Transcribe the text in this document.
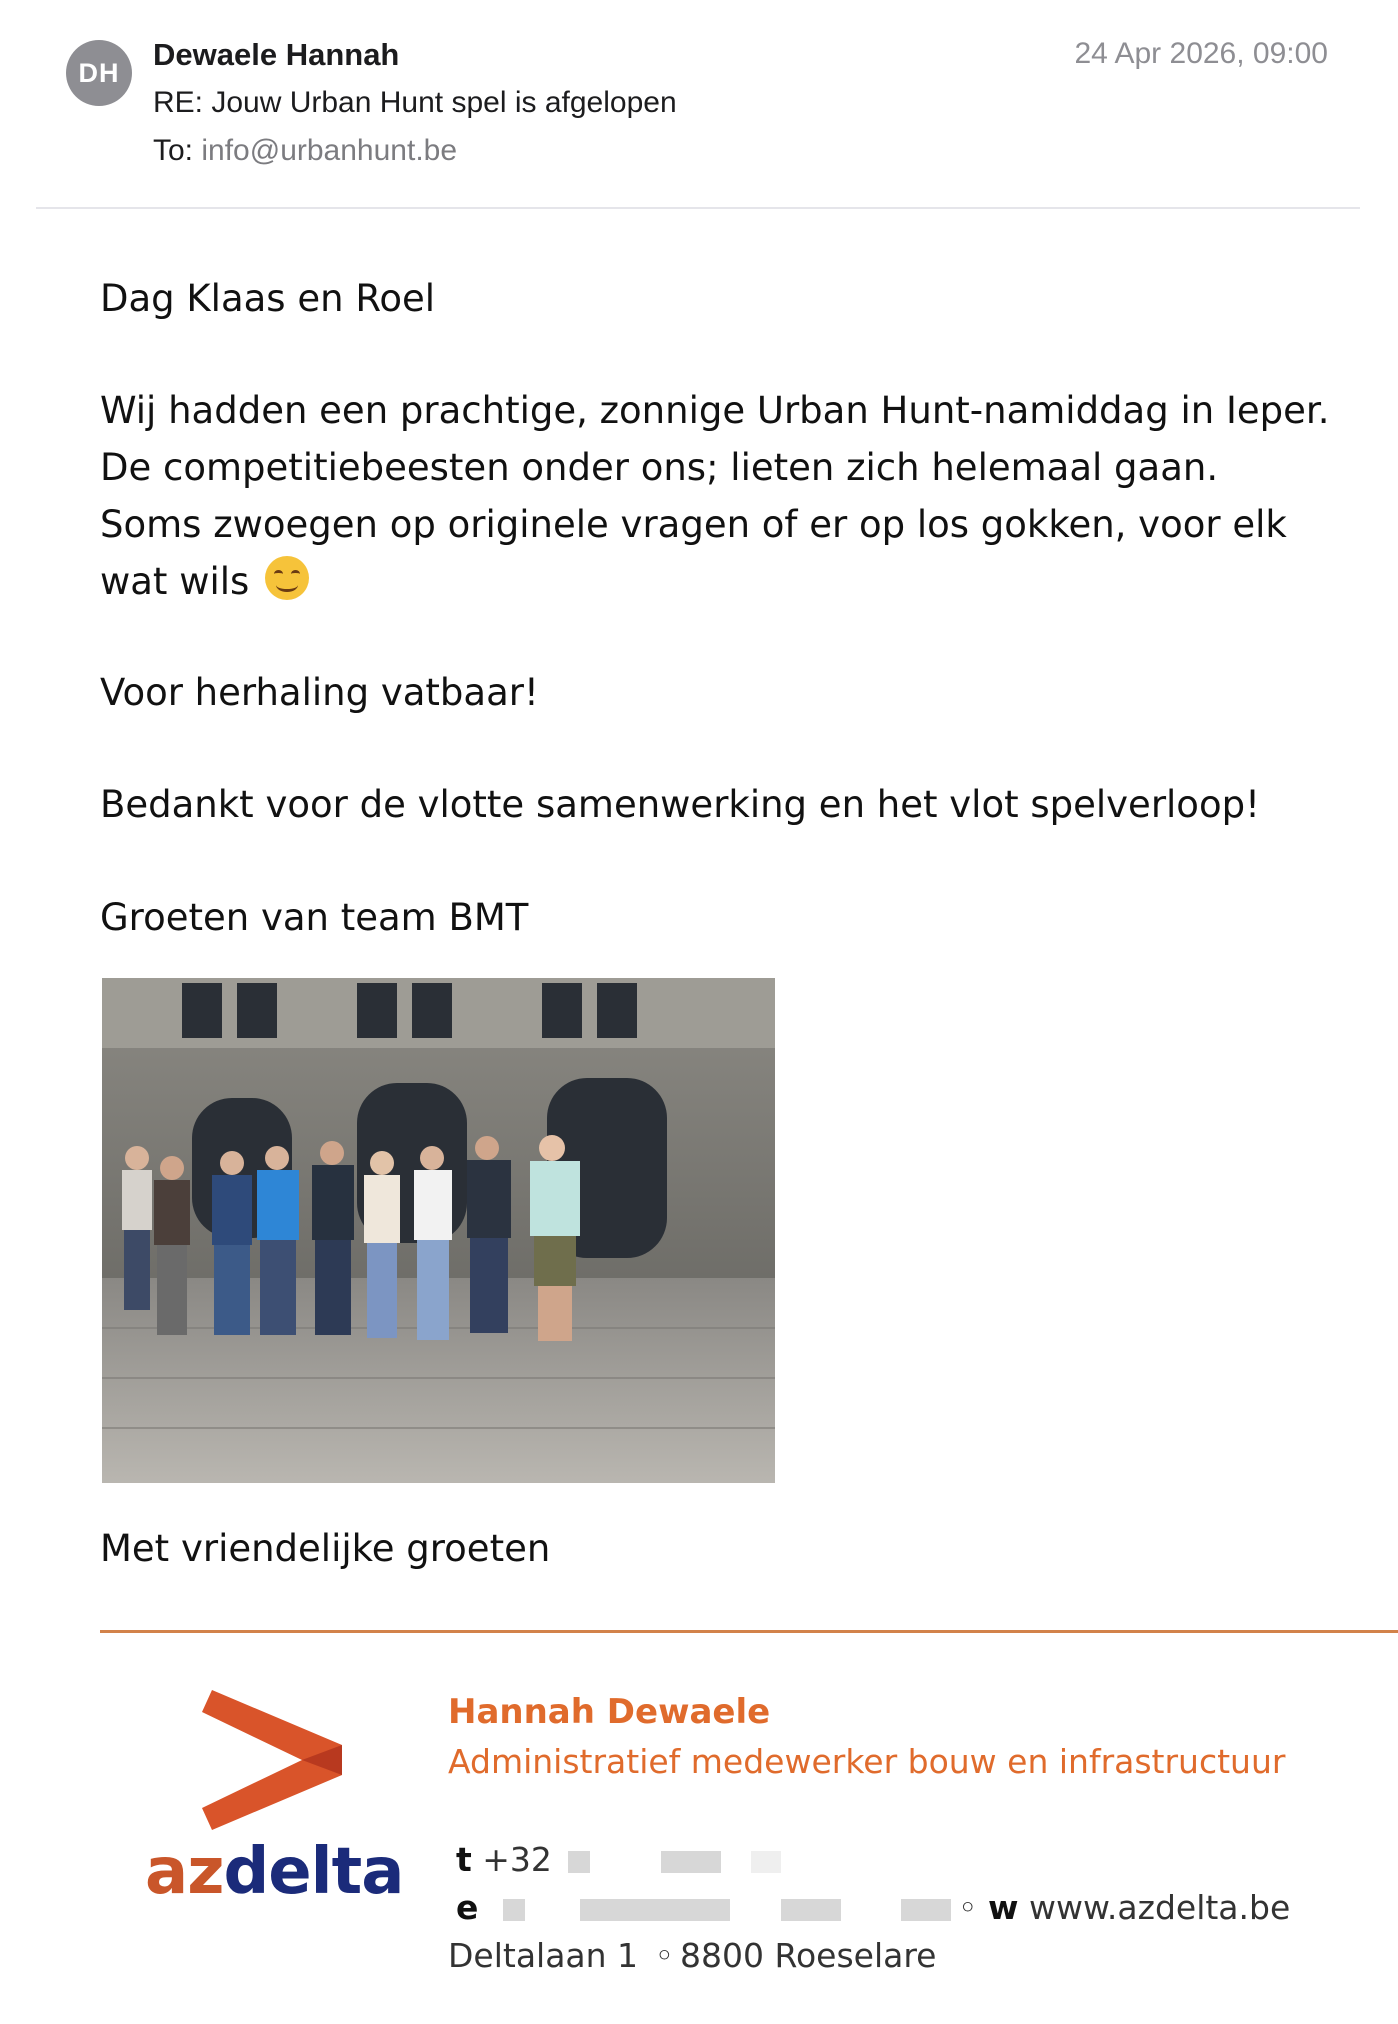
DH
Dewaele Hannah
RE: Jouw Urban Hunt spel is afgelopen
To: info@urbanhunt.be
24 Apr 2026, 09:00

Dag Klaas en Roel

Wij hadden een prachtige, zonnige Urban Hunt-namiddag in Ieper. De competitiebeesten onder ons; lieten zich helemaal gaan. Soms zwoegen op originele vragen of er op los gokken, voor elk wat wils

Voor herhaling vatbaar!

Bedankt voor de vlotte samenwerking en het vlot spelverloop!

Groeten van team BMT

Met vriendelijke groeten

azdelta
Hannah Dewaele
Administratief medewerker bouw en infrastructuur
t +32
e	◦ w www.azdelta.be
Deltalaan 1 ◦ 8800 Roeselare
